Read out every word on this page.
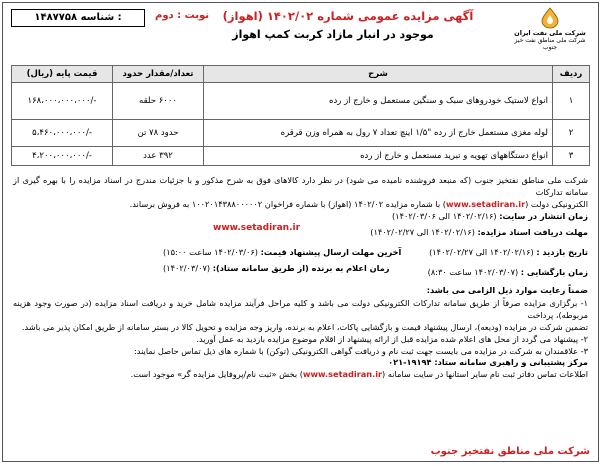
شرکت ملی نفت ایران
شرکت ملی مناطق نفت خیز جنوب
آگهی مزایده عمومی شماره ۱۴۰۲/۰۲ (اهواز)
موجود در انبار مازاد کربت کمپ اهواز
نوبت : دوم
۱۴۸۷۷۵۸ شناسه :
ردیف	شرح	تعداد/مقدار حدود	قیمت پایه (ریال)
۱	انواع لاستیک خودروهای سبک و سنگین مستعمل و خارج از رده	۶۰۰۰ حلقه	۱۶۸،۰۰۰،۰۰۰،۰۰۰/-
۲	لوله مغزی مستعمل خارج از رده "۱/۵ اینچ تعداد ۷ رول به همراه وزن قرقره	حدود ۷۸ تن	۵،۴۶۰،۰۰۰،۰۰۰/-
۳	انواع دستگاههای تهویه و تبرید مستعمل و خارج از رده	۳۹۲ عدد	۴،۲۰۰،۰۰۰،۰۰۰/-

شرکت ملی مناطق نفتخیز جنوب (که منبعد فروشنده نامیده می شود) در نظر دارد کالاهای فوق به شرح مذکور و با جزئیات مندرج در اسناد مزایده را با بهره گیری از سامانه تدارکات

الکترونیکی دولت (www.setadiran.ir) با شماره مزایده ۱۴۰۲/۰۲ (اهواز) با شماره فراخوان ۱۰۰۲۰۱۴۳۸۸۰۰۰۰۰۲ به فروش برساند.

زمان انتشار در سایت: (۱۴۰۲/۰۲/۱۶ الی ۱۴۰۲/۰۳/۰۶)
مهلت دریافت اسناد مزایده: (۱۴۰۲/۰۲/۱۶ الی ۱۴۰۲/۰۲/۲۷)
تاریخ بازدید : (۱۴۰۲/۰۲/۱۶ الی ۱۴۰۲/۰۲/۲۷)
آخرین مهلت ارسال پیشنهاد قیمت: (۱۴۰۲/۰۳/۰۶ ساعت ۱۵:۰۰)
زمان اعلام به برنده (از طریق سامانه ستاد): (۱۴۰۲/۰۳/۰۷)	زمان بازگشایی : (۱۴۰۲/۰۳/۰۷ ساعت ۸:۳۰)
ضمناً رعایت موارد ذیل الزامی می باشد:

۱- برگزاری مزایده صرفاً از طریق سامانه تدارکات الکترونیکی دولت می باشد و کلیه مراحل فرآیند مزایده شامل خرید و دریافت اسناد مزایده (در صورت وجود هزینه مربوطه)، پرداخت

تضمین شرکت در مزایده (ودیعه)، ارسال پیشنهاد قیمت و بازگشایی پاکات، اعلام به برنده، واریز وجه مزایده و تحویل کالا در بستر سامانه از طریق امکان پذیر می باشد.

۲- پیشنهاد می گردد از محل های اعلام شده مزایده قبل از ارائه پیشنهاد از اقلام موضوع مزایده بازدید به عمل آورید.

۳- علاقمندان به شرکت در مزایده می بایست جهت ثبت نام و دریافت گواهی الکترونیکی (توکن) با شماره های ذیل تماس حاصل نمایند:

مرکز پشتیبانی و راهبری سامانه ستاد: ۱۹۱۹۴-۰۲۱

اطلاعات تماس دفاتر ثبت نام سایر استانها در سایت سامانه (www.setadiran.ir) بخش «ثبت نام/پروفایل مزایده گر» موجود است.

www.setadiran.ir
شرکت ملی مناطق نفتخیز جنوب
